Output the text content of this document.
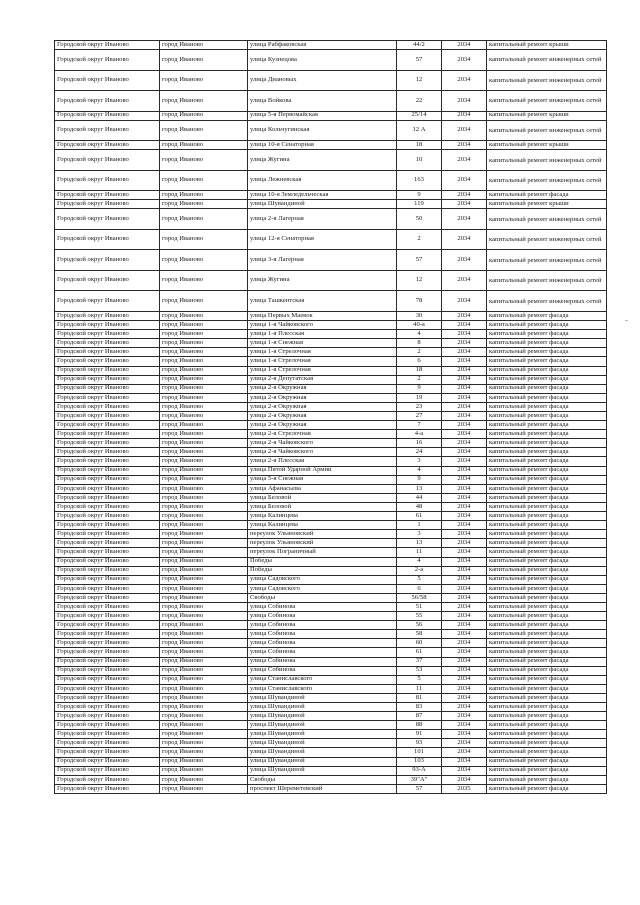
Городской округ Иваново	город Иваново	улица Рабфаковская	44/2	2034	капитальный ремонт крыши
Городской округ Иваново	город Иваново	улица Кузнецова	57	2034	капитальный ремонт инженерных сетей
Городской округ Иваново	город Иваново	улица Диановых	12	2034	капитальный ремонт инженерных сетей
Городской округ Иваново	город Иваново	улица Войкова	22	2034	капитальный ремонт инженерных сетей
Городской округ Иваново	город Иваново	улица 5-я Первомайская	25/14	2034	капитальный ремонт крыши
Городской округ Иваново	город Иваново	улица Кольчугинская	12 А	2034	капитальный ремонт инженерных сетей
Городской округ Иваново	город Иваново	улица 10-я Сенаторная	18	2034	капитальный ремонт крыши
Городской округ Иваново	город Иваново	улица Жугина	10	2034	капитальный ремонт инженерных сетей
Городской округ Иваново	город Иваново	улица Лежневская	163	2034	капитальный ремонт инженерных сетей
Городской округ Иваново	город Иваново	улица 10-я Земледельческая	9	2034	капитальный ремонт фасада
Городской округ Иваново	город Иваново	улица Шувандиной	119	2034	капитальный ремонт крыши
Городской округ Иваново	город Иваново	улица 2-я Лагерная	50	2034	капитальный ремонт инженерных сетей
Городской округ Иваново	город Иваново	улица 12-я Сенаторная	2	2034	капитальный ремонт инженерных сетей
Городской округ Иваново	город Иваново	улица 3-я Лагерная	57	2034	капитальный ремонт инженерных сетей
Городской округ Иваново	город Иваново	улица Жугина	12	2034	капитальный ремонт инженерных сетей
Городской округ Иваново	город Иваново	улица Ташкентская	78	2034	капитальный ремонт инженерных сетей
Городской округ Иваново	город Иваново	улица Первых Маевок	30	2034	капитальный ремонт фасада
Городской округ Иваново	город Иваново	улица 1-я Чайковского	40-а	2034	капитальный ремонт фасада
Городской округ Иваново	город Иваново	улица 1-я Плесская	4	2034	капитальный ремонт фасада
Городской округ Иваново	город Иваново	улица 1-я Снежная	8	2034	капитальный ремонт фасада
Городской округ Иваново	город Иваново	улица 1-я Стрелочная	2	2034	капитальный ремонт фасада
Городской округ Иваново	город Иваново	улица 1-я Стрелочная	6	2034	капитальный ремонт фасада
Городской округ Иваново	город Иваново	улица 1-я Стрелочная	18	2034	капитальный ремонт фасада
Городской округ Иваново	город Иваново	улица 2-я Депутатская	2	2034	капитальный ремонт фасада
Городской округ Иваново	город Иваново	улица 2-я Окружная	9	2034	капитальный ремонт фасада
Городской округ Иваново	город Иваново	улица 2-я Окружная	19	2034	капитальный ремонт фасада
Городской округ Иваново	город Иваново	улица 2-я Окружная	23	2034	капитальный ремонт фасада
Городской округ Иваново	город Иваново	улица 2-я Окружная	27	2034	капитальный ремонт фасада
Городской округ Иваново	город Иваново	улица 2-я Окружная	7	2034	капитальный ремонт фасада
Городской округ Иваново	город Иваново	улица 2-я Стрелочная	4-а	2034	капитальный ремонт фасада
Городской округ Иваново	город Иваново	улица 2-я Чайковского	16	2034	капитальный ремонт фасада
Городской округ Иваново	город Иваново	улица 2-я Чайковского	24	2034	капитальный ремонт фасада
Городской округ Иваново	город Иваново	улица 2-я Плесская	3	2034	капитальный ремонт фасада
Городской округ Иваново	город Иваново	улица Пятой Ударной Армии	4	2034	капитальный ремонт фасада
Городской округ Иваново	город Иваново	улица 5-я Снежная	9	2034	капитальный ремонт фасада
Городской округ Иваново	город Иваново	улица Афанасьева	13	2034	капитальный ремонт фасада
Городской округ Иваново	город Иваново	улица Беловой	44	2034	капитальный ремонт фасада
Городской округ Иваново	город Иваново	улица Беловой	48	2034	капитальный ремонт фасада
Городской округ Иваново	город Иваново	улица Калинцева	61	2034	капитальный ремонт фасада
Городской округ Иваново	город Иваново	улица Калинцева	1	2034	капитальный ремонт фасада
Городской округ Иваново	город Иваново	переулок Ульяновский	3	2034	капитальный ремонт фасада
Городской округ Иваново	город Иваново	переулок Ульяновский	13	2034	капитальный ремонт фасада
Городской округ Иваново	город Иваново	переулок Пограничный	11	2034	капитальный ремонт фасада
Городской округ Иваново	город Иваново	Победы	4	2034	капитальный ремонт фасада
Городской округ Иваново	город Иваново	Победы	2-а	2034	капитальный ремонт фасада
Городской округ Иваново	город Иваново	улица Садовского	5	2034	капитальный ремонт фасада
Городской округ Иваново	город Иваново	улица Садовского	6	2034	капитальный ремонт фасада
Городской округ Иваново	город Иваново	Свободы	56/58	2034	капитальный ремонт фасада
Городской округ Иваново	город Иваново	улица Собинова	51	2034	капитальный ремонт фасада
Городской округ Иваново	город Иваново	улица Собинова	55	2034	капитальный ремонт фасада
Городской округ Иваново	город Иваново	улица Собинова	56	2034	капитальный ремонт фасада
Городской округ Иваново	город Иваново	улица Собинова	58	2034	капитальный ремонт фасада
Городской округ Иваново	город Иваново	улица Собинова	60	2034	капитальный ремонт фасада
Городской округ Иваново	город Иваново	улица Собинова	61	2034	капитальный ремонт фасада
Городской округ Иваново	город Иваново	улица Собинова	37	2034	капитальный ремонт фасада
Городской округ Иваново	город Иваново	улица Собинова	53	2034	капитальный ремонт фасада
Городской округ Иваново	город Иваново	улица Станиславского	5	2034	капитальный ремонт фасада
Городской округ Иваново	город Иваново	улица Станиславского	11	2034	капитальный ремонт фасада
Городской округ Иваново	город Иваново	улица Шувандиной	81	2034	капитальный ремонт фасада
Городской округ Иваново	город Иваново	улица Шувандиной	83	2034	капитальный ремонт фасада
Городской округ Иваново	город Иваново	улица Шувандиной	87	2034	капитальный ремонт фасада
Городской округ Иваново	город Иваново	улица Шувандиной	88	2034	капитальный ремонт фасада
Городской округ Иваново	город Иваново	улица Шувандиной	91	2034	капитальный ремонт фасада
Городской округ Иваново	город Иваново	улица Шувандиной	93	2034	капитальный ремонт фасада
Городской округ Иваново	город Иваново	улица Шувандиной	101	2034	капитальный ремонт фасада
Городской округ Иваново	город Иваново	улица Шувандиной	103	2034	капитальный ремонт фасада
Городской округ Иваново	город Иваново	улица Шувандиной	93-А	2034	капитальный ремонт фасада
Городской округ Иваново	город Иваново	Свободы	39"А"	2034	капитальный ремонт фасада
Городской округ Иваново	город Иваново	проспект Шереметевский	57	2035	капитальный ремонт фасада
